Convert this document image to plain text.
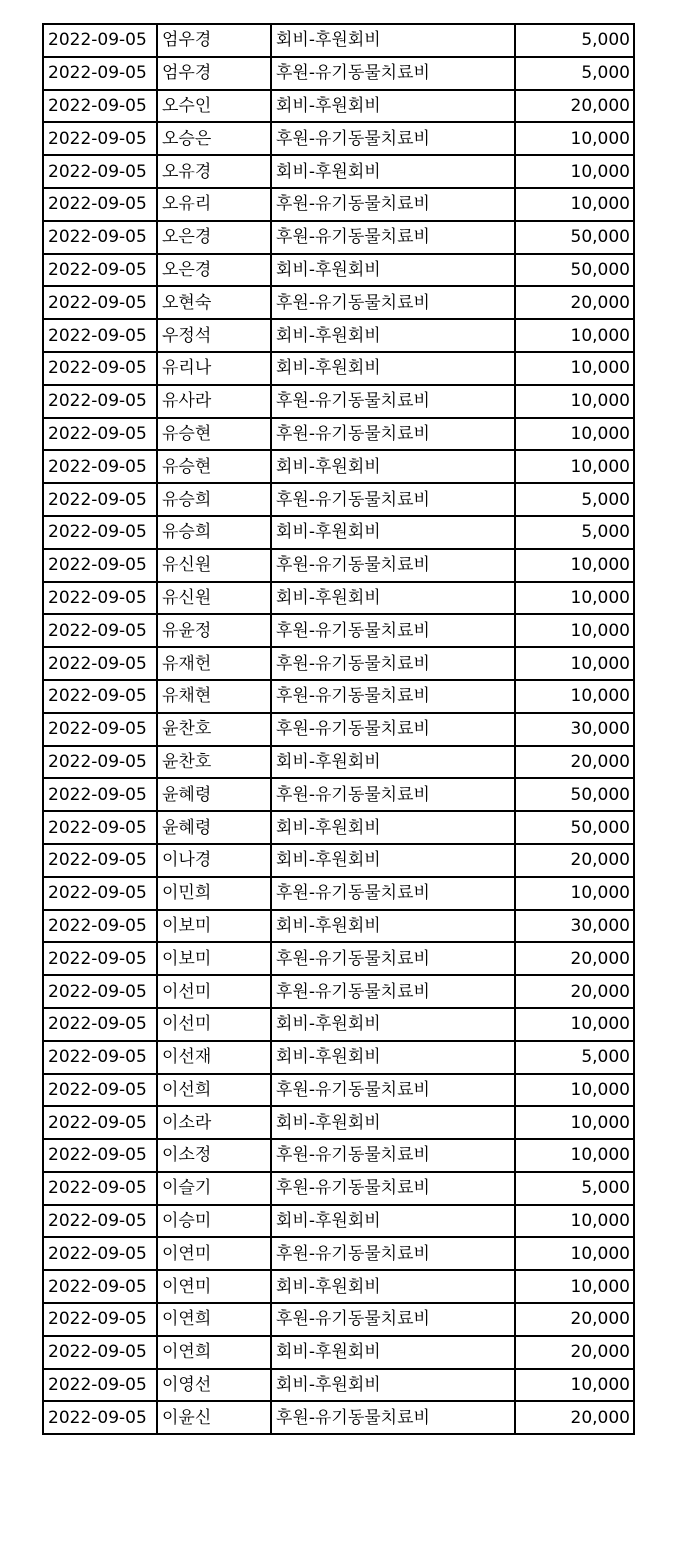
2022-09-05	엄우경	회비-후원회비	5,000
2022-09-05	엄우경	후원-유기동물치료비	5,000
2022-09-05	오수인	회비-후원회비	20,000
2022-09-05	오승은	후원-유기동물치료비	10,000
2022-09-05	오유경	회비-후원회비	10,000
2022-09-05	오유리	후원-유기동물치료비	10,000
2022-09-05	오은경	후원-유기동물치료비	50,000
2022-09-05	오은경	회비-후원회비	50,000
2022-09-05	오현숙	후원-유기동물치료비	20,000
2022-09-05	우정석	회비-후원회비	10,000
2022-09-05	유리나	회비-후원회비	10,000
2022-09-05	유사라	후원-유기동물치료비	10,000
2022-09-05	유승현	후원-유기동물치료비	10,000
2022-09-05	유승현	회비-후원회비	10,000
2022-09-05	유승희	후원-유기동물치료비	5,000
2022-09-05	유승희	회비-후원회비	5,000
2022-09-05	유신원	후원-유기동물치료비	10,000
2022-09-05	유신원	회비-후원회비	10,000
2022-09-05	유윤정	후원-유기동물치료비	10,000
2022-09-05	유재헌	후원-유기동물치료비	10,000
2022-09-05	유채현	후원-유기동물치료비	10,000
2022-09-05	윤찬호	후원-유기동물치료비	30,000
2022-09-05	윤찬호	회비-후원회비	20,000
2022-09-05	윤혜령	후원-유기동물치료비	50,000
2022-09-05	윤혜령	회비-후원회비	50,000
2022-09-05	이나경	회비-후원회비	20,000
2022-09-05	이민희	후원-유기동물치료비	10,000
2022-09-05	이보미	회비-후원회비	30,000
2022-09-05	이보미	후원-유기동물치료비	20,000
2022-09-05	이선미	후원-유기동물치료비	20,000
2022-09-05	이선미	회비-후원회비	10,000
2022-09-05	이선재	회비-후원회비	5,000
2022-09-05	이선희	후원-유기동물치료비	10,000
2022-09-05	이소라	회비-후원회비	10,000
2022-09-05	이소정	후원-유기동물치료비	10,000
2022-09-05	이슬기	후원-유기동물치료비	5,000
2022-09-05	이승미	회비-후원회비	10,000
2022-09-05	이연미	후원-유기동물치료비	10,000
2022-09-05	이연미	회비-후원회비	10,000
2022-09-05	이연희	후원-유기동물치료비	20,000
2022-09-05	이연희	회비-후원회비	20,000
2022-09-05	이영선	회비-후원회비	10,000
2022-09-05	이윤신	후원-유기동물치료비	20,000
